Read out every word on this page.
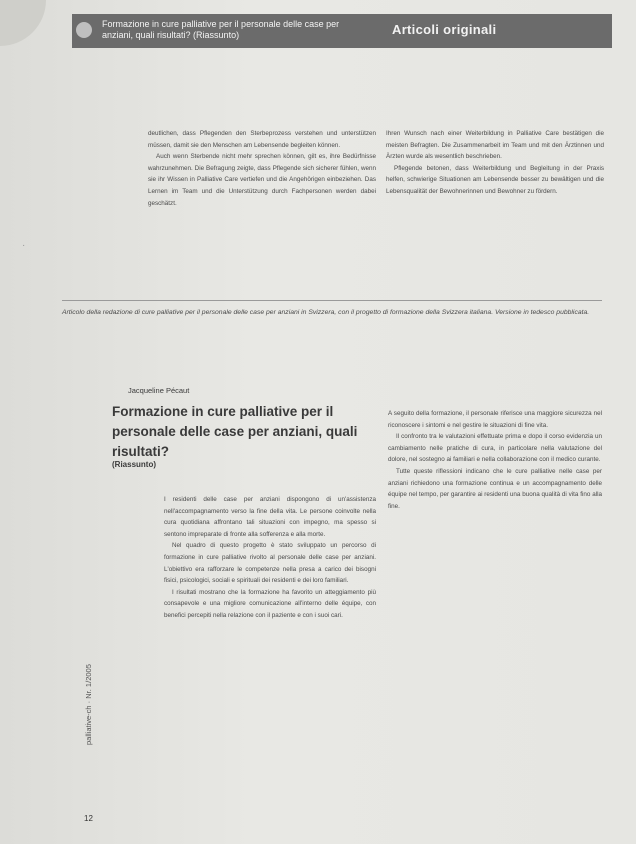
Formazione in cure palliative per il personale delle case per anziani, quali risultati? (Riassunto)	Articoli originali

deutlichen, dass Pflegenden den Sterbeprozess verstehen und unterstützen müssen, damit sie den Menschen am Lebensende begleiten können.

Auch wenn Sterbende nicht mehr sprechen können, gilt es, ihre Bedürfnisse wahrzunehmen. Die Befragung zeigte, dass Pflegende sich sicherer fühlen, wenn sie ihr Wissen in Palliative Care vertiefen und die Angehörigen einbeziehen. Das Lernen im Team und die Unterstützung durch Fachpersonen werden dabei geschätzt.

Ihren Wunsch nach einer Weiterbildung in Palliative Care bestätigen die meisten Befragten. Die Zusammenarbeit im Team und mit den Ärztinnen und Ärzten wurde als wesentlich beschrieben.

Pflegende betonen, dass Weiterbildung und Begleitung in der Praxis helfen, schwierige Situationen am Lebensende besser zu bewältigen und die Lebensqualität der Bewohnerinnen und Bewohner zu fördern.

·
Articolo della redazione di cure palliative per il personale delle case per anziani in Svizzera, con il progetto di formazione della Svizzera italiana. Versione in tedesco pubblicata.
Jacqueline Pécaut
Formazione in cure palliative per il personale delle case per anziani, quali risultati?
(Riassunto)

I residenti delle case per anziani dispongono di un'assistenza nell'accompagnamento verso la fine della vita. Le persone coinvolte nella cura quotidiana affrontano tali situazioni con impegno, ma spesso si sentono impreparate di fronte alla sofferenza e alla morte.

Nel quadro di questo progetto è stato sviluppato un percorso di formazione in cure palliative rivolto al personale delle case per anziani. L'obiettivo era rafforzare le competenze nella presa a carico dei bisogni fisici, psicologici, sociali e spirituali dei residenti e dei loro familiari.

I risultati mostrano che la formazione ha favorito un atteggiamento più consapevole e una migliore comunicazione all'interno delle équipe, con benefici percepiti nella relazione con il paziente e con i suoi cari.

A seguito della formazione, il personale riferisce una maggiore sicurezza nel riconoscere i sintomi e nel gestire le situazioni di fine vita.

Il confronto tra le valutazioni effettuate prima e dopo il corso evidenzia un cambiamento nelle pratiche di cura, in particolare nella valutazione del dolore, nel sostegno ai familiari e nella collaborazione con il medico curante.

Tutte queste riflessioni indicano che le cure palliative nelle case per anziani richiedono una formazione continua e un accompagnamento delle équipe nel tempo, per garantire ai residenti una buona qualità di vita fino alla fine.

palliative-ch · Nr. 1/2005
12
